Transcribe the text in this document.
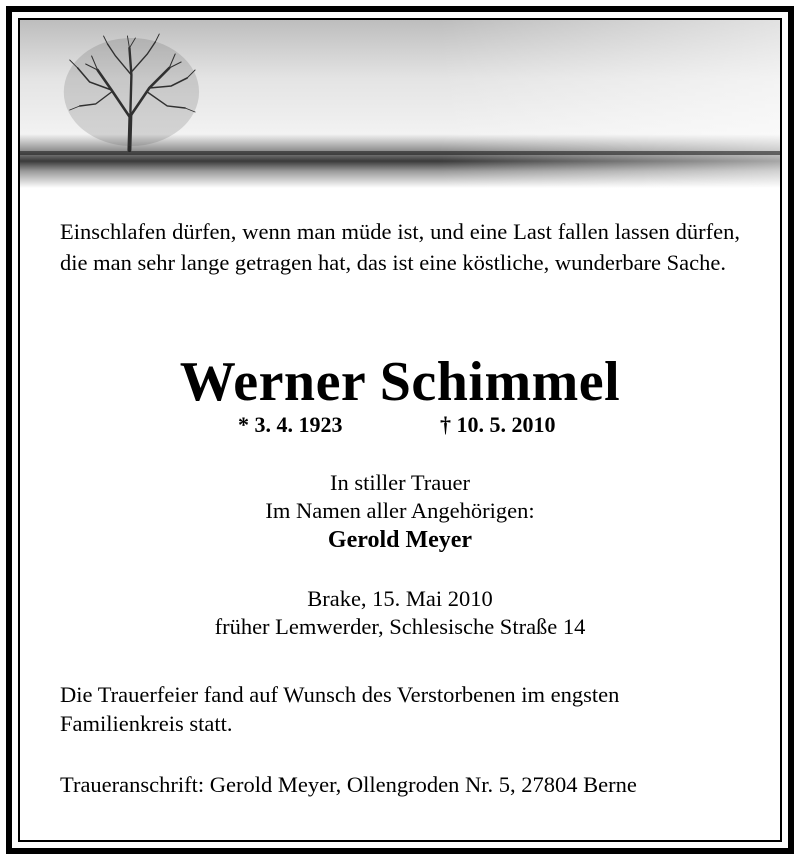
Einschlafen dürfen, wenn man müde ist, und eine Last fallen lassen dürfen, die man sehr lange getragen hat, das ist eine köstliche, wunderbare Sache.
Werner Schimmel
* 3. 4. 1923	† 10. 5. 2010
In stiller Trauer
Im Namen aller Angehörigen:
Gerold Meyer
Brake, 15. Mai 2010
früher Lemwerder, Schlesische Straße 14
Die Trauerfeier fand auf Wunsch des Verstorbenen im engsten Familienkreis statt.
Traueranschrift: Gerold Meyer, Ollengroden Nr. 5, 27804 Berne
